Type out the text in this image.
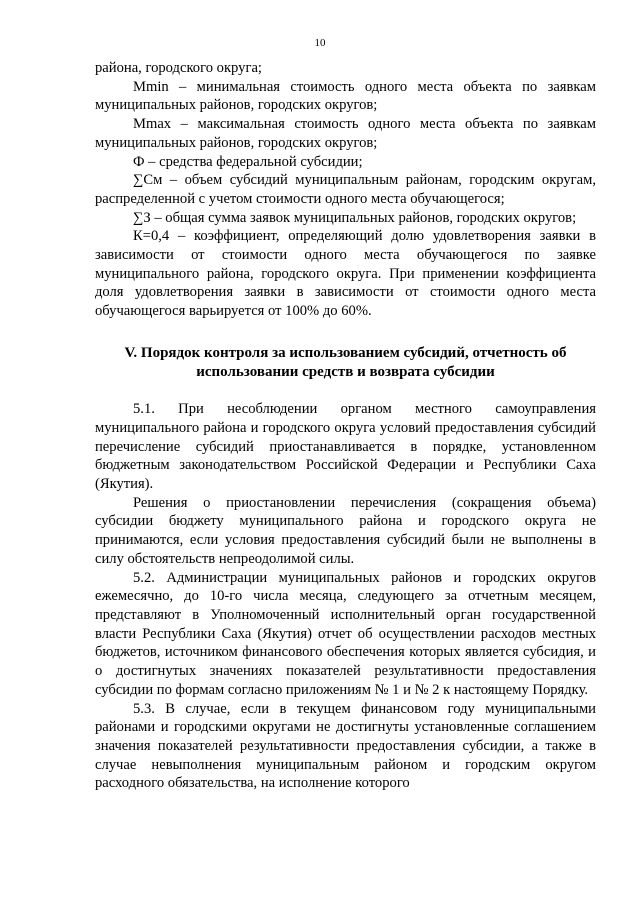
10

района, городского округа;

Mmin – минимальная стоимость одного места объекта по заявкам муниципальных районов, городских округов;

Mmax – максимальная стоимость одного места объекта по заявкам муниципальных районов, городских округов;

Ф – средства федеральной субсидии;

∑Cм – объем субсидий муниципальным районам, городским округам, распределенной с учетом стоимости одного места обучающегося;

∑З – общая сумма заявок муниципальных районов, городских округов;

К=0,4 – коэффициент, определяющий долю удовлетворения заявки в зависимости от стоимости одного места обучающегося по заявке муниципального района, городского округа. При применении коэффициента доля удовлетворения заявки в зависимости от стоимости одного места обучающегося варьируется от 100% до 60%.

V. Порядок контроля за использованием субсидий, отчетность об использовании средств и возврата субсидии

5.1. При несоблюдении органом местного самоуправления муниципального района и городского округа условий предоставления субсидий перечисление субсидий приостанавливается в порядке, установленном бюджетным законодательством Российской Федерации и Республики Саха (Якутия).

Решения о приостановлении перечисления (сокращения объема) субсидии бюджету муниципального района и городского округа не принимаются, если условия предоставления субсидий были не выполнены в силу обстоятельств непреодолимой силы.

5.2. Администрации муниципальных районов и городских округов ежемесячно, до 10-го числа месяца, следующего за отчетным месяцем, представляют в Уполномоченный исполнительный орган государственной власти Республики Саха (Якутия) отчет об осуществлении расходов местных бюджетов, источником финансового обеспечения которых является субсидия, и о достигнутых значениях показателей результативности предоставления субсидии по формам согласно приложениям № 1 и № 2 к настоящему Порядку.

5.3. В случае, если в текущем финансовом году муниципальными районами и городскими округами не достигнуты установленные соглашением значения показателей результативности предоставления субсидии, а также в случае невыполнения муниципальным районом и городским округом расходного обязательства, на исполнение которого
